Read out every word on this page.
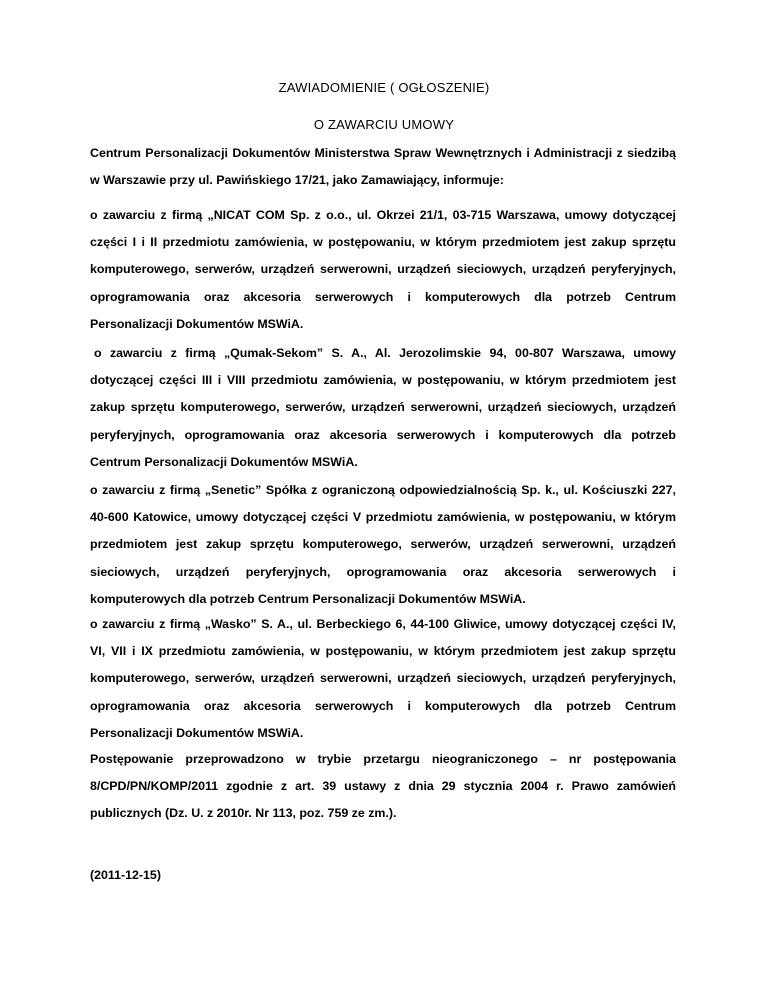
ZAWIADOMIENIE ( OGŁOSZENIE)
O ZAWARCIU UMOWY

Centrum Personalizacji Dokumentów Ministerstwa Spraw Wewnętrznych i Administracji z siedzibą w Warszawie przy ul. Pawińskiego 17/21, jako Zamawiający, informuje:

o zawarciu z firmą „NICAT COM Sp. z o.o., ul. Okrzei 21/1, 03-715 Warszawa, umowy dotyczącej części I i II przedmiotu zamówienia, w postępowaniu, w którym przedmiotem jest zakup sprzętu komputerowego, serwerów, urządzeń serwerowni, urządzeń sieciowych, urządzeń peryferyjnych, oprogramowania oraz akcesoria serwerowych i komputerowych dla potrzeb Centrum Personalizacji Dokumentów MSWiA.

o zawarciu z firmą „Qumak-Sekom” S. A., Al. Jerozolimskie 94, 00-807 Warszawa, umowy dotyczącej części III i VIII przedmiotu zamówienia, w postępowaniu, w którym przedmiotem jest zakup sprzętu komputerowego, serwerów, urządzeń serwerowni, urządzeń sieciowych, urządzeń peryferyjnych, oprogramowania oraz akcesoria serwerowych i komputerowych dla potrzeb Centrum Personalizacji Dokumentów MSWiA.

o zawarciu z firmą „Senetic” Spółka z ograniczoną odpowiedzialnością Sp. k., ul. Kościuszki 227, 40-600 Katowice, umowy dotyczącej części V przedmiotu zamówienia, w postępowaniu, w którym przedmiotem jest zakup sprzętu komputerowego, serwerów, urządzeń serwerowni, urządzeń sieciowych, urządzeń peryferyjnych, oprogramowania oraz akcesoria serwerowych i komputerowych dla potrzeb Centrum Personalizacji Dokumentów MSWiA.

o zawarciu z firmą „Wasko” S. A., ul. Berbeckiego 6, 44-100 Gliwice, umowy dotyczącej części IV, VI, VII i IX przedmiotu zamówienia, w postępowaniu, w którym przedmiotem jest zakup sprzętu komputerowego, serwerów, urządzeń serwerowni, urządzeń sieciowych, urządzeń peryferyjnych, oprogramowania oraz akcesoria serwerowych i komputerowych dla potrzeb Centrum Personalizacji Dokumentów MSWiA.

Postępowanie przeprowadzono w trybie przetargu nieograniczonego – nr postępowania 8/CPD/PN/KOMP/2011 zgodnie z art. 39 ustawy z dnia 29 stycznia 2004 r. Prawo zamówień publicznych (Dz. U. z 2010r. Nr 113, poz. 759 ze zm.).

(2011-12-15)
